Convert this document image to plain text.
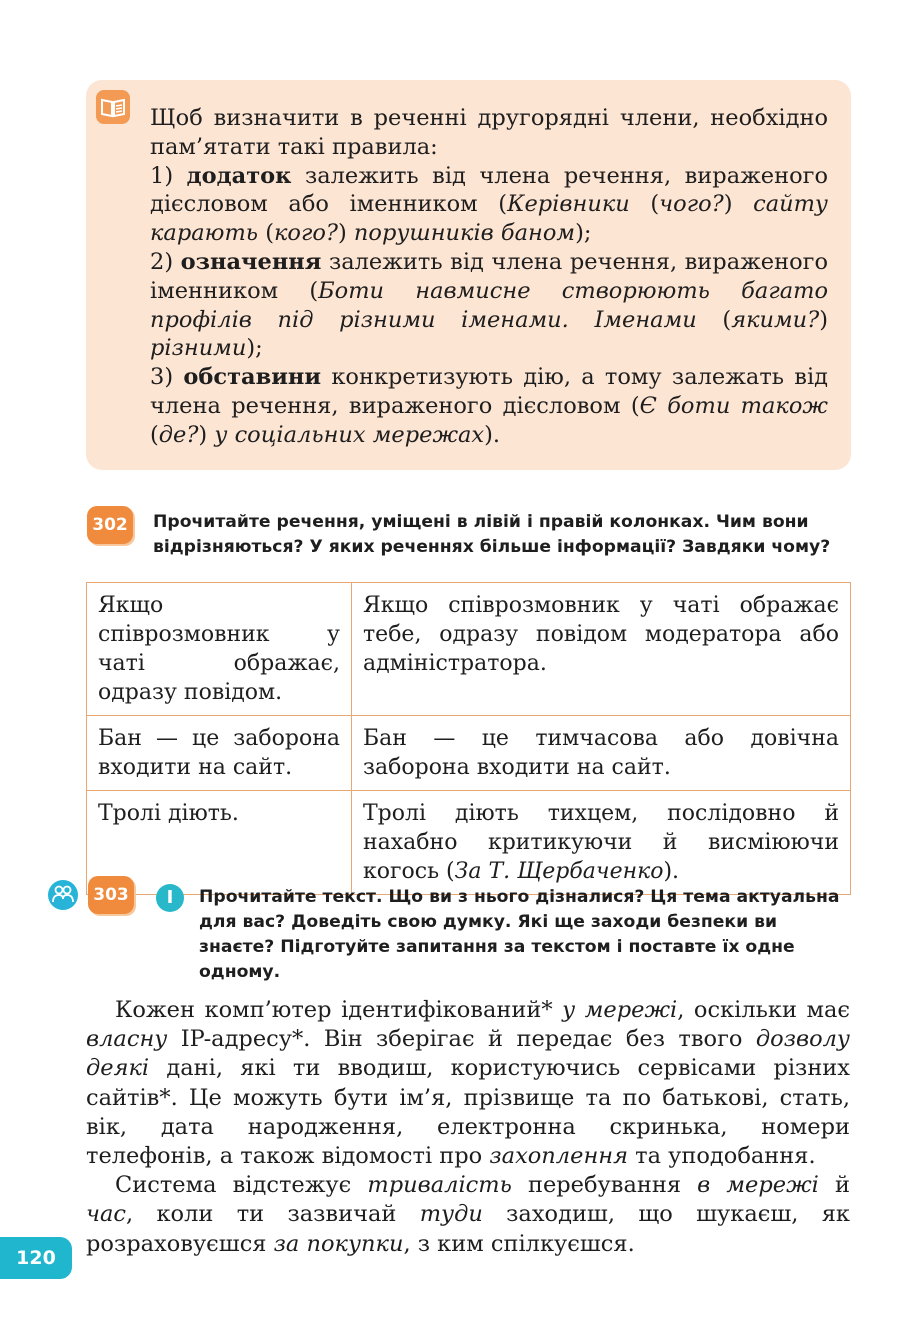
Щоб визначити в реченні другорядні члени, необхідно пам’ятати такі правила:

1) додаток залежить від члена речення, вираженого дієсловом або іменником (Керівники (чого?) сайту карають (кого?) порушників баном);

2) означення залежить від члена речення, вираженого іменником (Боти навмисне створюють багато профілів під різними іменами. Іменами (якими?) різними);

3) обставини конкретизують дію, а тому залежать від члена речення, вираженого дієсловом (Є боти також (де?) у соціальних мережах).

302	Прочитайте речення, уміщені в лівій і правій колонках. Чим вони відрізняються? У яких реченнях більше інформації? Завдяки чому?
Якщо співрозмовник у чаті ображає, одразу повідом.	Якщо співрозмовник у чаті ображає тебе, одразу повідом модератора або адміністратора.
Бан — це заборона входити на сайт.	Бан — це тимчасова або довічна заборона входити на сайт.
Тролі діють.	Тролі діють тихцем, послідовно й нахабно критикуючи й висміюючи когось (За Т. Щербаченко).
303	І	Прочитайте текст. Що ви з нього дізналися? Ця тема актуальна для вас? Доведіть свою думку. Які ще заходи безпеки ви знаєте? Підготуйте запитання за текстом і поставте їх одне одному.

Кожен комп’ютер ідентифікований* у мережі, оскільки має власну IP-адресу*. Він зберігає й передає без твого дозволу деякі дані, які ти вводиш, користуючись сервісами різних сайтів*. Це можуть бути ім’я, прізвище та по батькові, стать, вік, дата народження, електронна скринька, номери телефонів, а також відомості про захоплення та уподобання.

Система відстежує тривалість перебування в мережі й час, коли ти зазвичай туди заходиш, що шукаєш, як розраховуєшся за покупки, з ким спілкуєшся.

120
